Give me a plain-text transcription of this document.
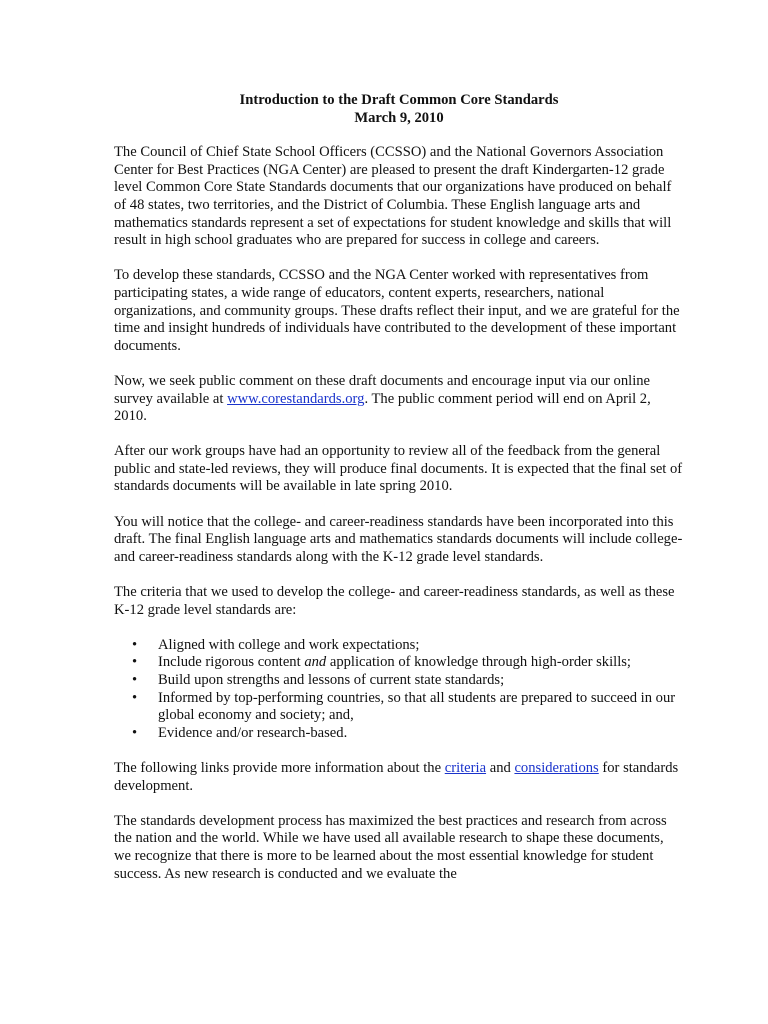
Introduction to the Draft Common Core Standards
March 9, 2010

The Council of Chief State School Officers (CCSSO) and the National Governors Association Center for Best Practices (NGA Center) are pleased to present the draft Kindergarten-12 grade level Common Core State Standards documents that our organizations have produced on behalf of 48 states, two territories, and the District of Columbia. These English language arts and mathematics standards represent a set of expectations for student knowledge and skills that will result in high school graduates who are prepared for success in college and careers.

To develop these standards, CCSSO and the NGA Center worked with representatives from participating states, a wide range of educators, content experts, researchers, national organizations, and community groups. These drafts reflect their input, and we are grateful for the time and insight hundreds of individuals have contributed to the development of these important documents.

Now, we seek public comment on these draft documents and encourage input via our online survey available at www.corestandards.org. The public comment period will end on April 2, 2010.

After our work groups have had an opportunity to review all of the feedback from the general public and state-led reviews, they will produce final documents. It is expected that the final set of standards documents will be available in late spring 2010.

You will notice that the college- and career-readiness standards have been incorporated into this draft. The final English language arts and mathematics standards documents will include college- and career-readiness standards along with the K-12 grade level standards.

The criteria that we used to develop the college- and career-readiness standards, as well as these K-12 grade level standards are:

• Aligned with college and work expectations;
• Include rigorous content and application of knowledge through high-order skills;
• Build upon strengths and lessons of current state standards;
• Informed by top-performing countries, so that all students are prepared to succeed in our global economy and society; and,
• Evidence and/or research-based.

The following links provide more information about the criteria and considerations for standards development.

The standards development process has maximized the best practices and research from across the nation and the world. While we have used all available research to shape these documents, we recognize that there is more to be learned about the most essential knowledge for student success. As new research is conducted and we evaluate the
